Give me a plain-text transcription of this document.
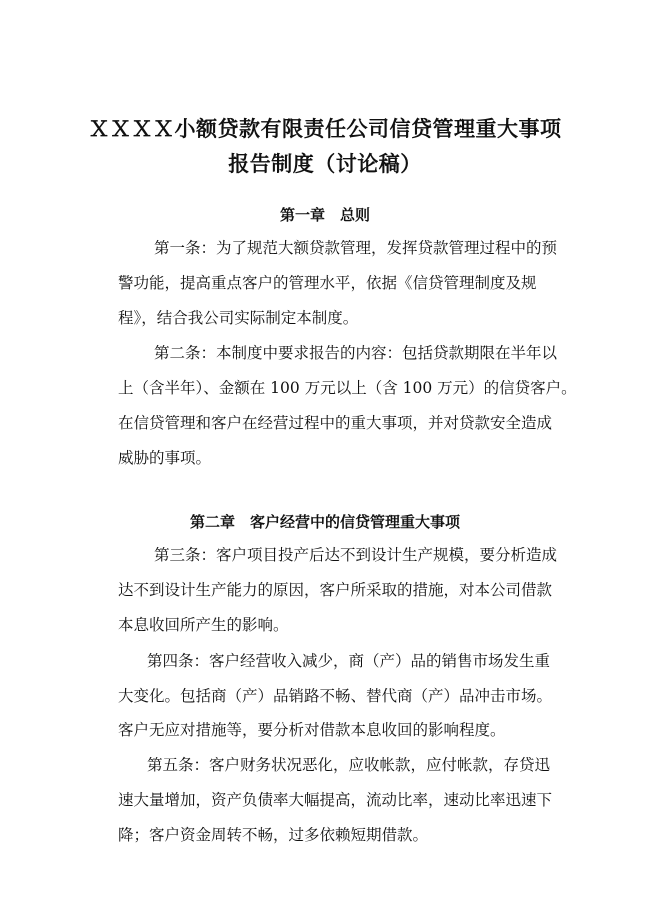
ＸＸＸＸ小额贷款有限责任公司信贷管理重大事项
报告制度（讨论稿）
第一章　总则
第一条：为了规范大额贷款管理，发挥贷款管理过程中的预
警功能，提高重点客户的管理水平，依据《信贷管理制度及规
程》，结合我公司实际制定本制度。
第二条：本制度中要求报告的内容：包括贷款期限在半年以
上（含半年）、金额在 100 万元以上（含 100 万元）的信贷客户。
在信贷管理和客户在经营过程中的重大事项，并对贷款安全造成
威胁的事项。
第二章　客户经营中的信贷管理重大事项
第三条：客户项目投产后达不到设计生产规模，要分析造成
达不到设计生产能力的原因，客户所采取的措施，对本公司借款
本息收回所产生的影响。
第四条：客户经营收入减少，商（产）品的销售市场发生重
大变化。包括商（产）品销路不畅、替代商（产）品冲击市场。
客户无应对措施等，要分析对借款本息收回的影响程度。
第五条：客户财务状况恶化，应收帐款，应付帐款，存贷迅
速大量增加，资产负债率大幅提高，流动比率，速动比率迅速下
降；客户资金周转不畅，过多依赖短期借款。
